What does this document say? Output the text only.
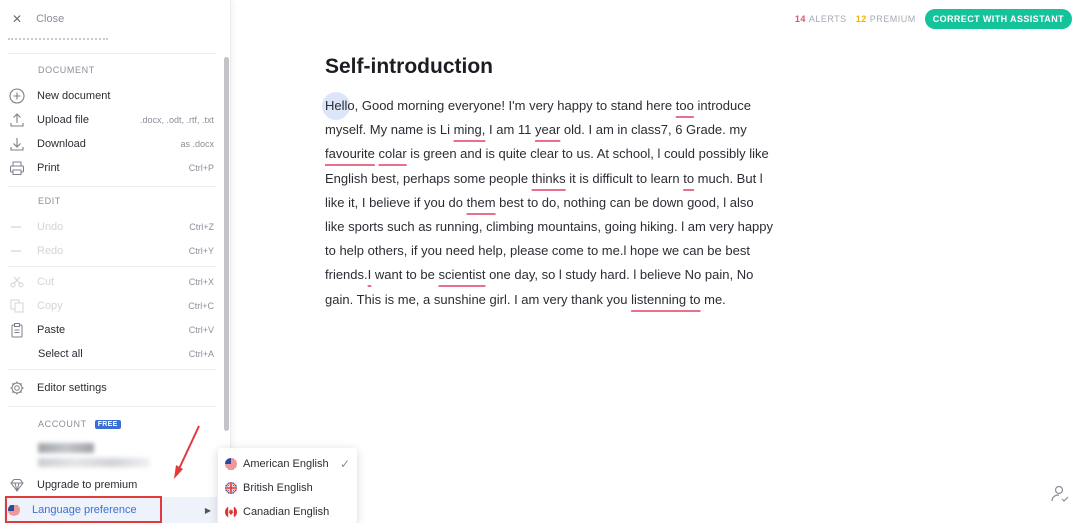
✕ Close
DOCUMENT
New document
Upload file	.docx, .odt, .rtf, .txt
Download	as .docx
Print	Ctrl+P
EDIT
Undo	Ctrl+Z
Redo	Ctrl+Y
Cut	Ctrl+X
Copy	Ctrl+C
Paste	Ctrl+V
Select all	Ctrl+A
Editor settings
ACCOUNT FREE
Upgrade to premium
Language preference	▶
American English ✓
British English
Canadian English
14 ALERTS 12 PREMIUM	CORRECT WITH ASSISTANT
Self-introduction
Hello, Good morning everyone! I'm very happy to stand here too introduce myself. My name is Li ming, I am 11 year old. I am in class7, 6 Grade. my favourite colar is green and is quite clear to us. At school, l could possibly like English best, perhaps some people thinks it is difficult to learn to much. But l like it, I believe if you do them best to do, nothing can be down good, l also like sports such as running, climbing mountains, going hiking. l am very happy to help others, if you need help, please come to me.l hope we can be best friends.I want to be scientist one day, so l study hard. l believe No pain, No gain. This is me, a sunshine girl. I am very thank you listenning to me.
